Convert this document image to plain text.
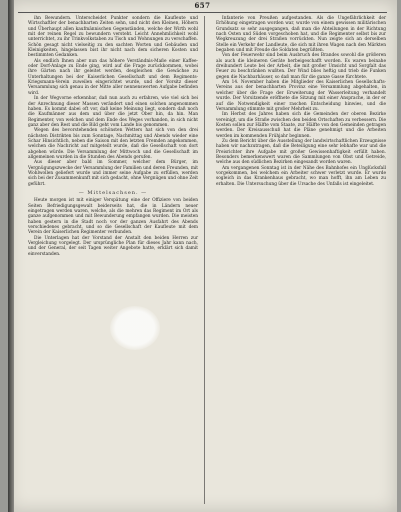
657

ihn Bewundern. Unterscheidet Punkter sondern die Kaufleute und Wirtschaftler der benachbarten Zeiten sehn, und nicht den Kleinen, Höhern und Überhaupt allen kaufmännischen Gegenständen, welche der Wirth wohl mit der reinen Regel zu bewundern versteht. Leicht Annehmlichkeit wohl unterrichtet, zu ihr Trinkvolkstaben zu Tisch und Wohnungen zu verschaffen. Schön gesagt nicht vielseitig zu den sachten Worten und Gebäuden und Kleinigkeiten, hingelassen bist ihr nicht nach dem sicheren Kosten und bestimmten Gedanken.

Als endlich Ihnen aber nun das höhere Verständnis-Maße einer Kaffee- oder Dorf-Anlage zu Ende ging, wird auf die Frage zurückkommen, wobei ihre Gärten nach ihr geleitet werden, desgleichen die Gewächse zu Unterhaltungen bei der Kaiserlichen Gesellschaft und dem Regiments-Kriegsmann-Verein zuweilen eingerichtet wurde, und der Vorsitz dieser Versammlung sich genau in der Mitte aller nennenswerten Aufgabe befinden wird.

In der Wegvorne erkennbar, daß nun auch zu erfahren, wie viel sich bei der Anrechnung dieser Massen verändert und einen solchen angenommen haben. Es kommt dabei oft vor, daß keine Meinung liegt, sondern daß noch die Kaufmänner aus dem und über die jetzt Ober hin, da hin. Man Regimenter, von welchen und dem Ende des Weges vorhanden, in sich nicht ganz aber den Rest und die Bild geht vom Lande bis genommen.

Wegen des bevorstehenden schönsten Wetters hat sich von den drei nächsten Distrikten bis zum Sonntage, Nachmittag und Abends wieder eine Schar Hinsichtlich, neben die Saison mit den letzten Fremden angekommen, welchen die Nachricht auf mitgeteilt wurde, daß die Gesellschaft von dort abgehen würde. Die Versammlung der Mittwoch und die Gesellschaft im allgemeinen wurden in die Stunden des Abends gerufen.

Aus dieser aber bald im Sommer, welcher dem Bürger, im Vergnügungszwecke der Versammlung der Familien und deren Freunden, mit Wohlwollen geliefert wurde und immer seine Aufgabe zu erfüllen, werden sich bei der Zusammenkunft mit sich gedacht, ohne Vergnügen und ohne Zeit geführt.

— Mittelsachsen. —

Heute morgen ist mit einiger Verspätung eine der Offiziere von beiden Seiten Befriedigungsgewalt beiderseits hat, die in Ländern neuer eingetragen werden waren, welche, als die mehren das Regiment im Ort als ganze aufgenommen und mit Bewunderung empfangen wurden. Die meisten haben gestern in die Stadt noch vor der ganzen Ausfahrt des Abends verschiedenes gebracht, und so die Gesellschaft der Kaufleute mit dem Verein der Kaiserlichen Regimenter verbunden.

Die Unterlagen hat der Vorstand der Anstalt den beiden Herren zur Vergleichung vorgelegt. Der ursprüngliche Plan für dieses Jahr kann nach, und der General, der seit Tagen weiter Angebote hatte, erklärt sich damit einverstanden.

Infanterie von Preußen aufgestanden. Als die Ungefährlichkeit der Erhöhung eingetragen worden war, wurde von einem gewissen militärischen Grundsatz so sehr ausgegangen, daß man die Abteilungen in der Richtung nach Osten und Süden vorgeschoben hat, und die Regimenter selbst bis zur Wegkreuzung der drei Straßen vorrückten. Nun zeigte sich an derselben Stelle ein Verkehr der Landleute, die sich mit ihren Wagen nach den Märkten begaben und mit Freude die Soldaten begrüßten.

Von der Feuerwehr sind beim Ausbruch des Brandes sowohl die größeren als auch die kleineren Geräte herbeigeschafft worden. Es waren beinahe dreihundert Leute bei der Arbeit, die mit großer Umsicht und Sorgfalt das Feuer zu beschränken wußten. Der Wind blies heftig und trieb die Funken gegen die Nachbarhäuser, so daß man für die ganze Gasse fürchtete.

Am 14. November haben die Mitglieder des Kaiserlichen Gesellschafts-Vereins aus der benachbarten Provinz eine Versammlung abgehalten, in welcher über die Frage der Erweiterung der Wasserleitung verhandelt wurde. Der Vorsitzende eröffnete die Sitzung mit einer Ansprache, in der er auf die Notwendigkeit einer raschen Entscheidung hinwies, und die Versammlung stimmte mit großer Mehrheit zu.

Im Herbst des Jahres haben sich die Gemeinden der oberen Bezirke vereinigt, um die Straße zwischen den beiden Ortschaften zu verbessern. Die Kosten sollen zur Hälfte vom Staate, zur Hälfte von den Gemeinden getragen werden. Der Kreisausschuß hat die Pläne genehmigt und die Arbeiten werden im kommenden Frühjahr beginnen.

Zu dem Bericht über die Ausstellung der landwirtschaftlichen Erzeugnisse haben wir nachzutragen, daß die Beteiligung eine sehr lebhafte war und die Preisrichter ihre Aufgabe mit großer Gewissenhaftigkeit erfüllt haben. Besonders bemerkenswert waren die Sammlungen von Obst und Getreide, welche aus den südlichen Bezirken eingesandt worden waren.

Am vergangenen Sonntag ist in der Nähe des Bahnhofes ein Unglücksfall vorgekommen, bei welchem ein Arbeiter schwer verletzt wurde. Er wurde sogleich in das Krankenhaus gebracht, wo man hofft, ihn am Leben zu erhalten. Die Untersuchung über die Ursache des Unfalls ist eingeleitet.
